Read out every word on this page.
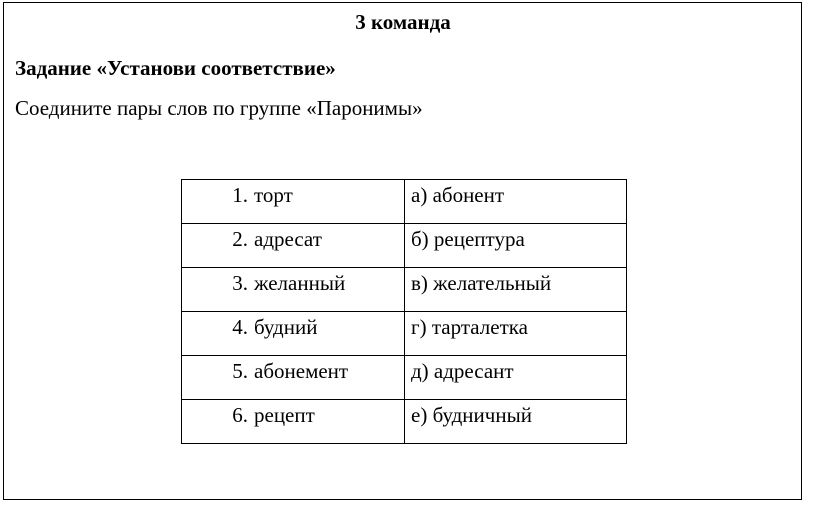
3 команда
Задание «Установи соответствие»
Соедините пары слов по группе «Паронимы»
1. торт	а) абонент

2. адресат	б) рецептура

3. желанный	в) желательный

4. будний	г) тарталетка

5. абонемент	д) адресант

6. рецепт	е) будничный
